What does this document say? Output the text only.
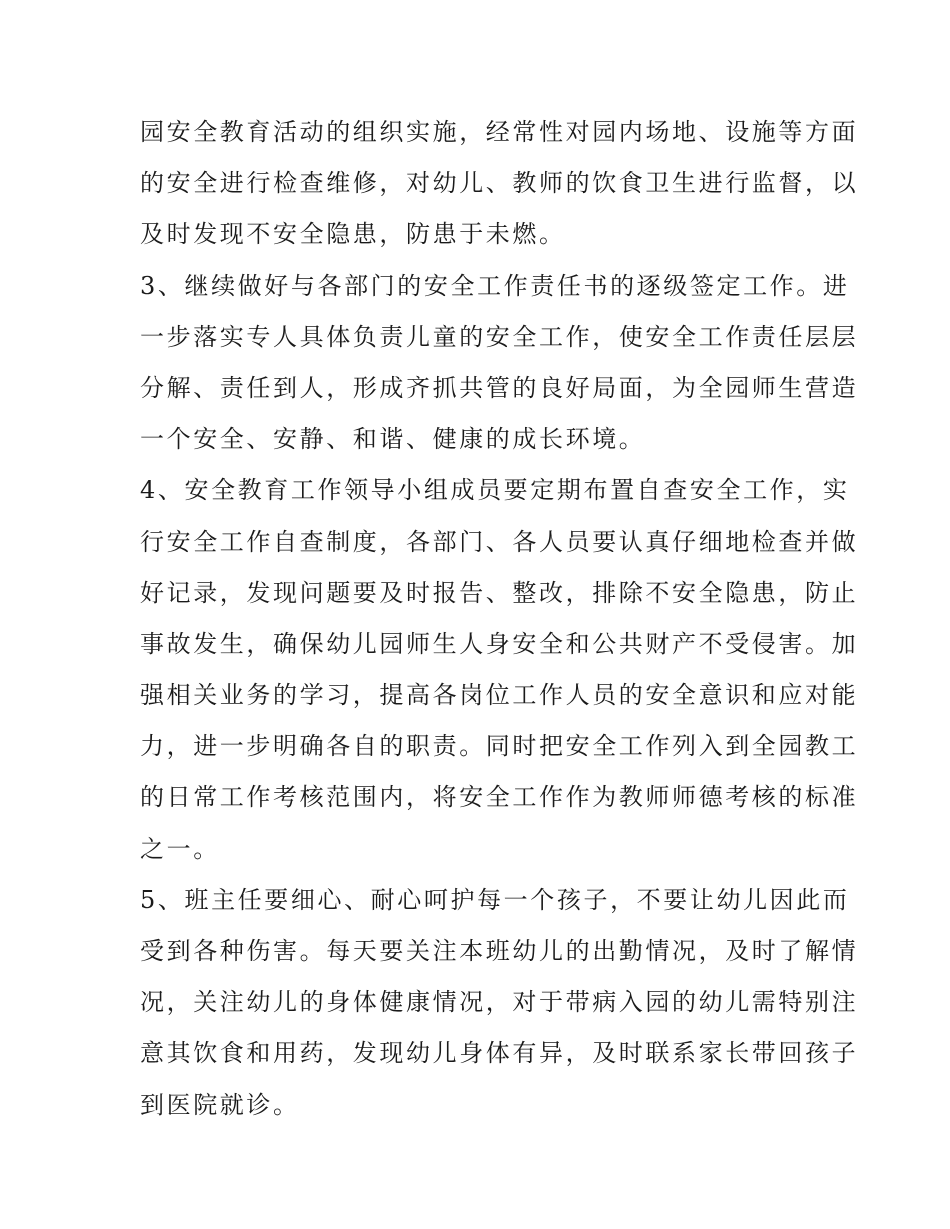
园安全教育活动的组织实施，经常性对园内场地、设施等方面
的安全进行检查维修，对幼儿、教师的饮食卫生进行监督，以
及时发现不安全隐患，防患于未燃。
3、继续做好与各部门的安全工作责任书的逐级签定工作。进
一步落实专人具体负责儿童的安全工作，使安全工作责任层层
分解、责任到人，形成齐抓共管的良好局面，为全园师生营造
一个安全、安静、和谐、健康的成长环境。
4、安全教育工作领导小组成员要定期布置自查安全工作，实
行安全工作自查制度，各部门、各人员要认真仔细地检查并做
好记录，发现问题要及时报告、整改，排除不安全隐患，防止
事故发生，确保幼儿园师生人身安全和公共财产不受侵害。加
强相关业务的学习，提高各岗位工作人员的安全意识和应对能
力，进一步明确各自的职责。同时把安全工作列入到全园教工
的日常工作考核范围内，将安全工作作为教师师德考核的标准
之一。
5、班主任要细心、耐心呵护每一个孩子，不要让幼儿因此而
受到各种伤害。每天要关注本班幼儿的出勤情况，及时了解情
况，关注幼儿的身体健康情况，对于带病入园的幼儿需特别注
意其饮食和用药，发现幼儿身体有异，及时联系家长带回孩子
到医院就诊。
